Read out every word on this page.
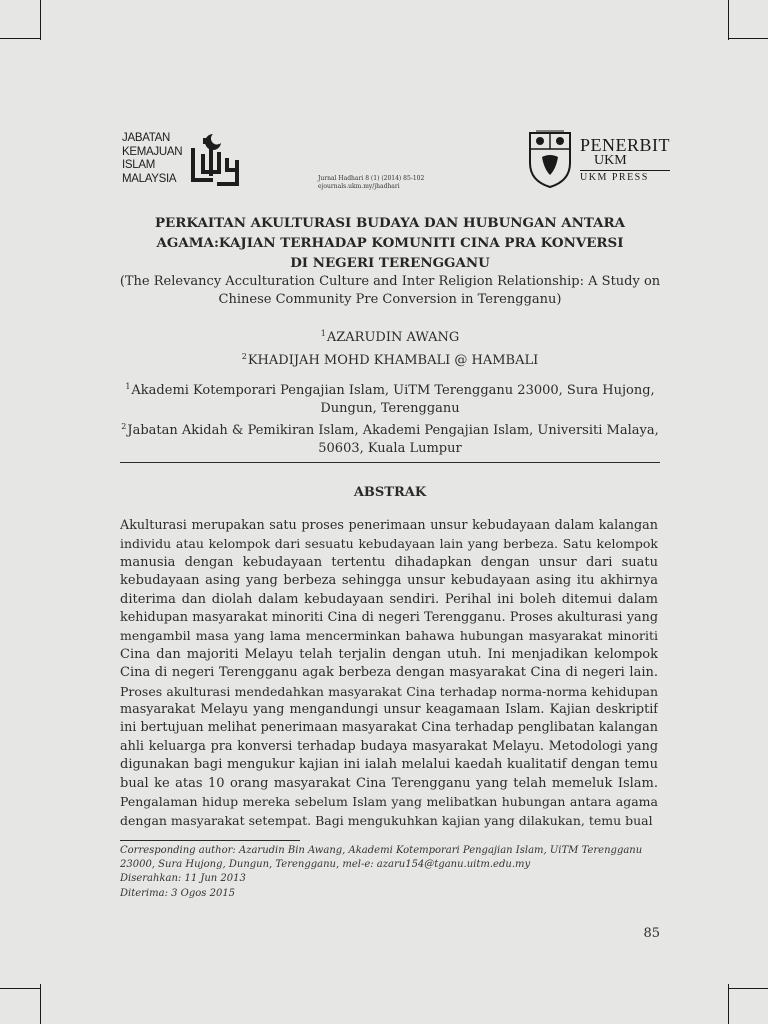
JABATAN
KEMAJUAN
ISLAM
MALAYSIA	Jurnal Hadhari 8 (1) (2014) 85-102
ejournals.ukm.my/jhadhari
PENERBIT
UKM
UKM PRESS
PERKAITAN AKULTURASI BUDAYA DAN HUBUNGAN ANTARA
AGAMA:KAJIAN TERHADAP KOMUNITI CINA PRA KONVERSI
DI NEGERI TERENGGANU
(The Relevancy Acculturation Culture and Inter Religion Relationship: A Study on
Chinese Community Pre Conversion in Terengganu)
$^1$AZARUDIN AWANG
$^2$KHADIJAH MOHD KHAMBALI @ HAMBALI
$^1$Akademi Kotemporari Pengajian Islam, UiTM Terengganu 23000, Sura Hujong,
Dungun, Terengganu
$^2$Jabatan Akidah & Pemikiran Islam, Akademi Pengajian Islam, Universiti Malaya,
50603, Kuala Lumpur
ABSTRAK
Akulturasi merupakan satu proses penerimaan unsur kebudayaan dalam kalangan
individu atau kelompok dari sesuatu kebudayaan lain yang berbeza. Satu kelompok
manusia dengan kebudayaan tertentu dihadapkan dengan unsur dari suatu
kebudayaan asing yang berbeza sehingga unsur kebudayaan asing itu akhirnya
diterima dan diolah dalam kebudayaan sendiri. Perihal ini boleh ditemui dalam
kehidupan masyarakat minoriti Cina di negeri Terengganu. Proses akulturasi yang
mengambil masa yang lama mencerminkan bahawa hubungan masyarakat minoriti
Cina dan majoriti Melayu telah terjalin dengan utuh. Ini menjadikan kelompok
Cina di negeri Terengganu agak berbeza dengan masyarakat Cina di negeri lain.
Proses akulturasi mendedahkan masyarakat Cina terhadap norma-norma kehidupan
masyarakat Melayu yang mengandungi unsur keagamaan Islam. Kajian deskriptif
ini bertujuan melihat penerimaan masyarakat Cina terhadap penglibatan kalangan
ahli keluarga pra konversi terhadap budaya masyarakat Melayu. Metodologi yang
digunakan bagi mengukur kajian ini ialah melalui kaedah kualitatif dengan temu
bual ke atas 10 orang masyarakat Cina Terengganu yang telah memeluk Islam.
Pengalaman hidup mereka sebelum Islam yang melibatkan hubungan antara agama
dengan masyarakat setempat. Bagi mengukuhkan kajian yang dilakukan, temu bual
Corresponding author: Azarudin Bin Awang, Akademi Kotemporari Pengajian Islam, UiTM Terengganu
23000, Sura Hujong, Dungun, Terengganu, mel-e: azaru154@tganu.uitm.edu.my
Diserahkan: 11 Jun 2013
Diterima: 3 Ogos 2015
85
